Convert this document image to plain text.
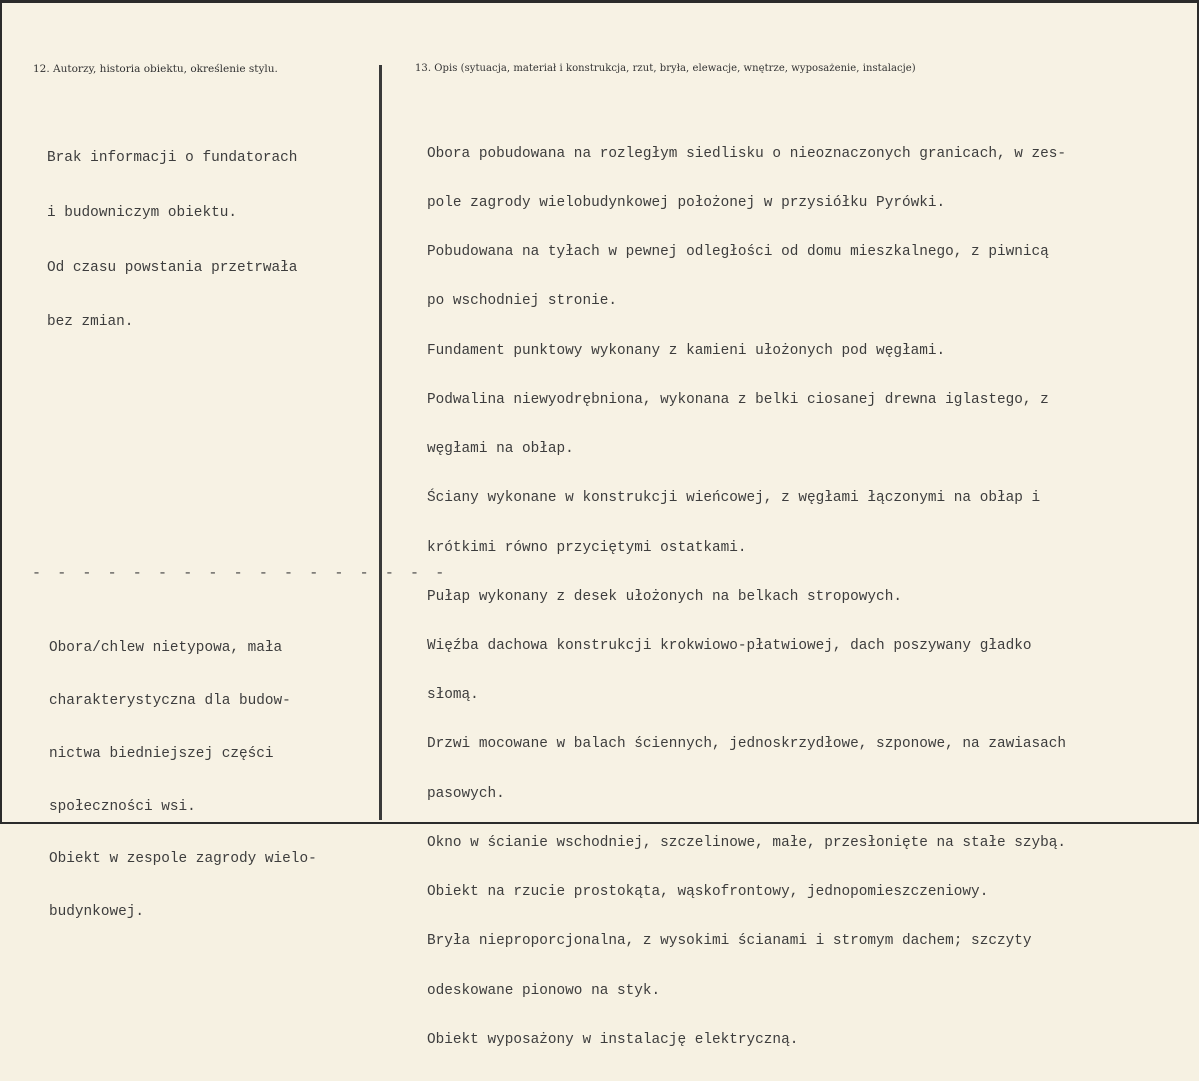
12. Autorzy, historia obiektu, określenie stylu.	13. Opis (sytuacja, materiał i konstrukcja, rzut, bryła, elewacje, wnętrze, wyposażenie, instalacje)

Brak informacji o fundatorach

i budowniczym obiektu.

Od czasu powstania przetrwała

bez zmian.

- - - - - - - - - - - - - - - - -

Obora/chlew nietypowa, mała

charakterystyczna dla budow-

nictwa biedniejszej części

społeczności wsi.

Obiekt w zespole zagrody wielo-

budynkowej.

Obora pobudowana na rozległym siedlisku o nieoznaczonych granicach, w zes-

pole zagrody wielobudynkowej położonej w przysiółku Pyrówki.

Pobudowana na tyłach w pewnej odległości od domu mieszkalnego, z piwnicą

po wschodniej stronie.

Fundament punktowy wykonany z kamieni ułożonych pod węgłami.

Podwalina niewyodrębniona, wykonana z belki ciosanej drewna iglastego, z

węgłami na obłap.

Ściany wykonane w konstrukcji wieńcowej, z węgłami łączonymi na obłap i

krótkimi równo przyciętymi ostatkami.

Pułap wykonany z desek ułożonych na belkach stropowych.

Więźba dachowa konstrukcji krokwiowo-płatwiowej, dach poszywany gładko

słomą.

Drzwi mocowane w balach ściennych, jednoskrzydłowe, szponowe, na zawiasach

pasowych.

Okno w ścianie wschodniej, szczelinowe, małe, przesłonięte na stałe szybą.

Obiekt na rzucie prostokąta, wąskofrontowy, jednopomieszczeniowy.

Bryła nieproporcjonalna, z wysokimi ścianami i stromym dachem; szczyty

odeskowane pionowo na styk.

Obiekt wyposażony w instalację elektryczną.
